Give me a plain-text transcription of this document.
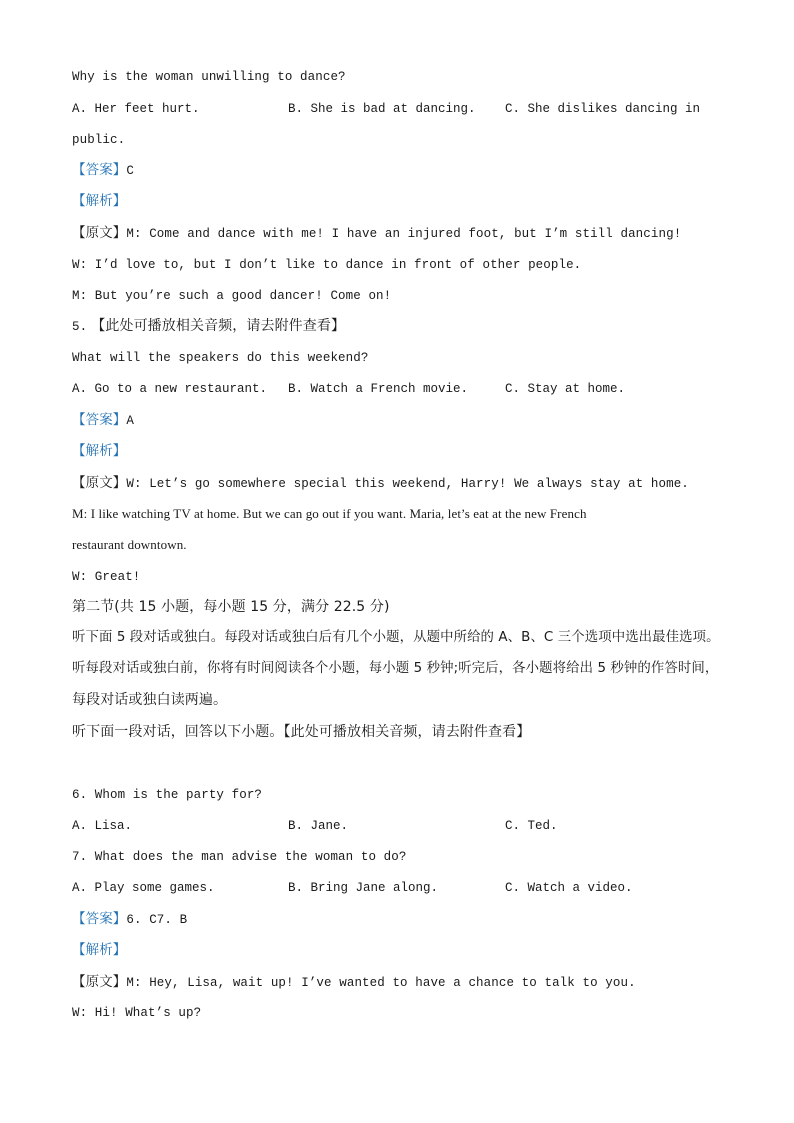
Why is the woman unwilling to dance?
A. Her feet hurt.	B. She is bad at dancing. C. She dislikes dancing in
public.
【答案】C
【解析】
【原文】M: Come and dance with me! I have an injured foot, but I’m still dancing!
W: I’d love to, but I don’t like to dance in front of other people.
M: But you’re such a good dancer! Come on!
5. 【此处可播放相关音频，请去附件查看】
What will the speakers do this weekend?
A. Go to a new restaurant. B. Watch a French movie.	C. Stay at home.
【答案】A
【解析】
【原文】W: Let’s go somewhere special this weekend, Harry! We always stay at home.
M: I like watching TV at home. But we can go out if you want. Maria, let’s eat at the new French
restaurant downtown.
W: Great!
第二节(共 15 小题，每小题 15 分，满分 22.5 分)
听下面 5 段对话或独白。每段对话或独白后有几个小题，从题中所给的 A、B、C 三个选项中选出最佳选项。
听每段对话或独白前，你将有时间阅读各个小题，每小题 5 秒钟;听完后，各小题将给出 5 秒钟的作答时间，
每段对话或独白读两遍。
听下面一段对话，回答以下小题。【此处可播放相关音频，请去附件查看】
6. Whom is the party for?
A. Lisa.	B. Jane.	C. Ted.
7. What does the man advise the woman to do?
A. Play some games.	B. Bring Jane along.	C. Watch a video.
【答案】6. C7. B
【解析】
【原文】M: Hey, Lisa, wait up! I’ve wanted to have a chance to talk to you.
W: Hi! What’s up?
